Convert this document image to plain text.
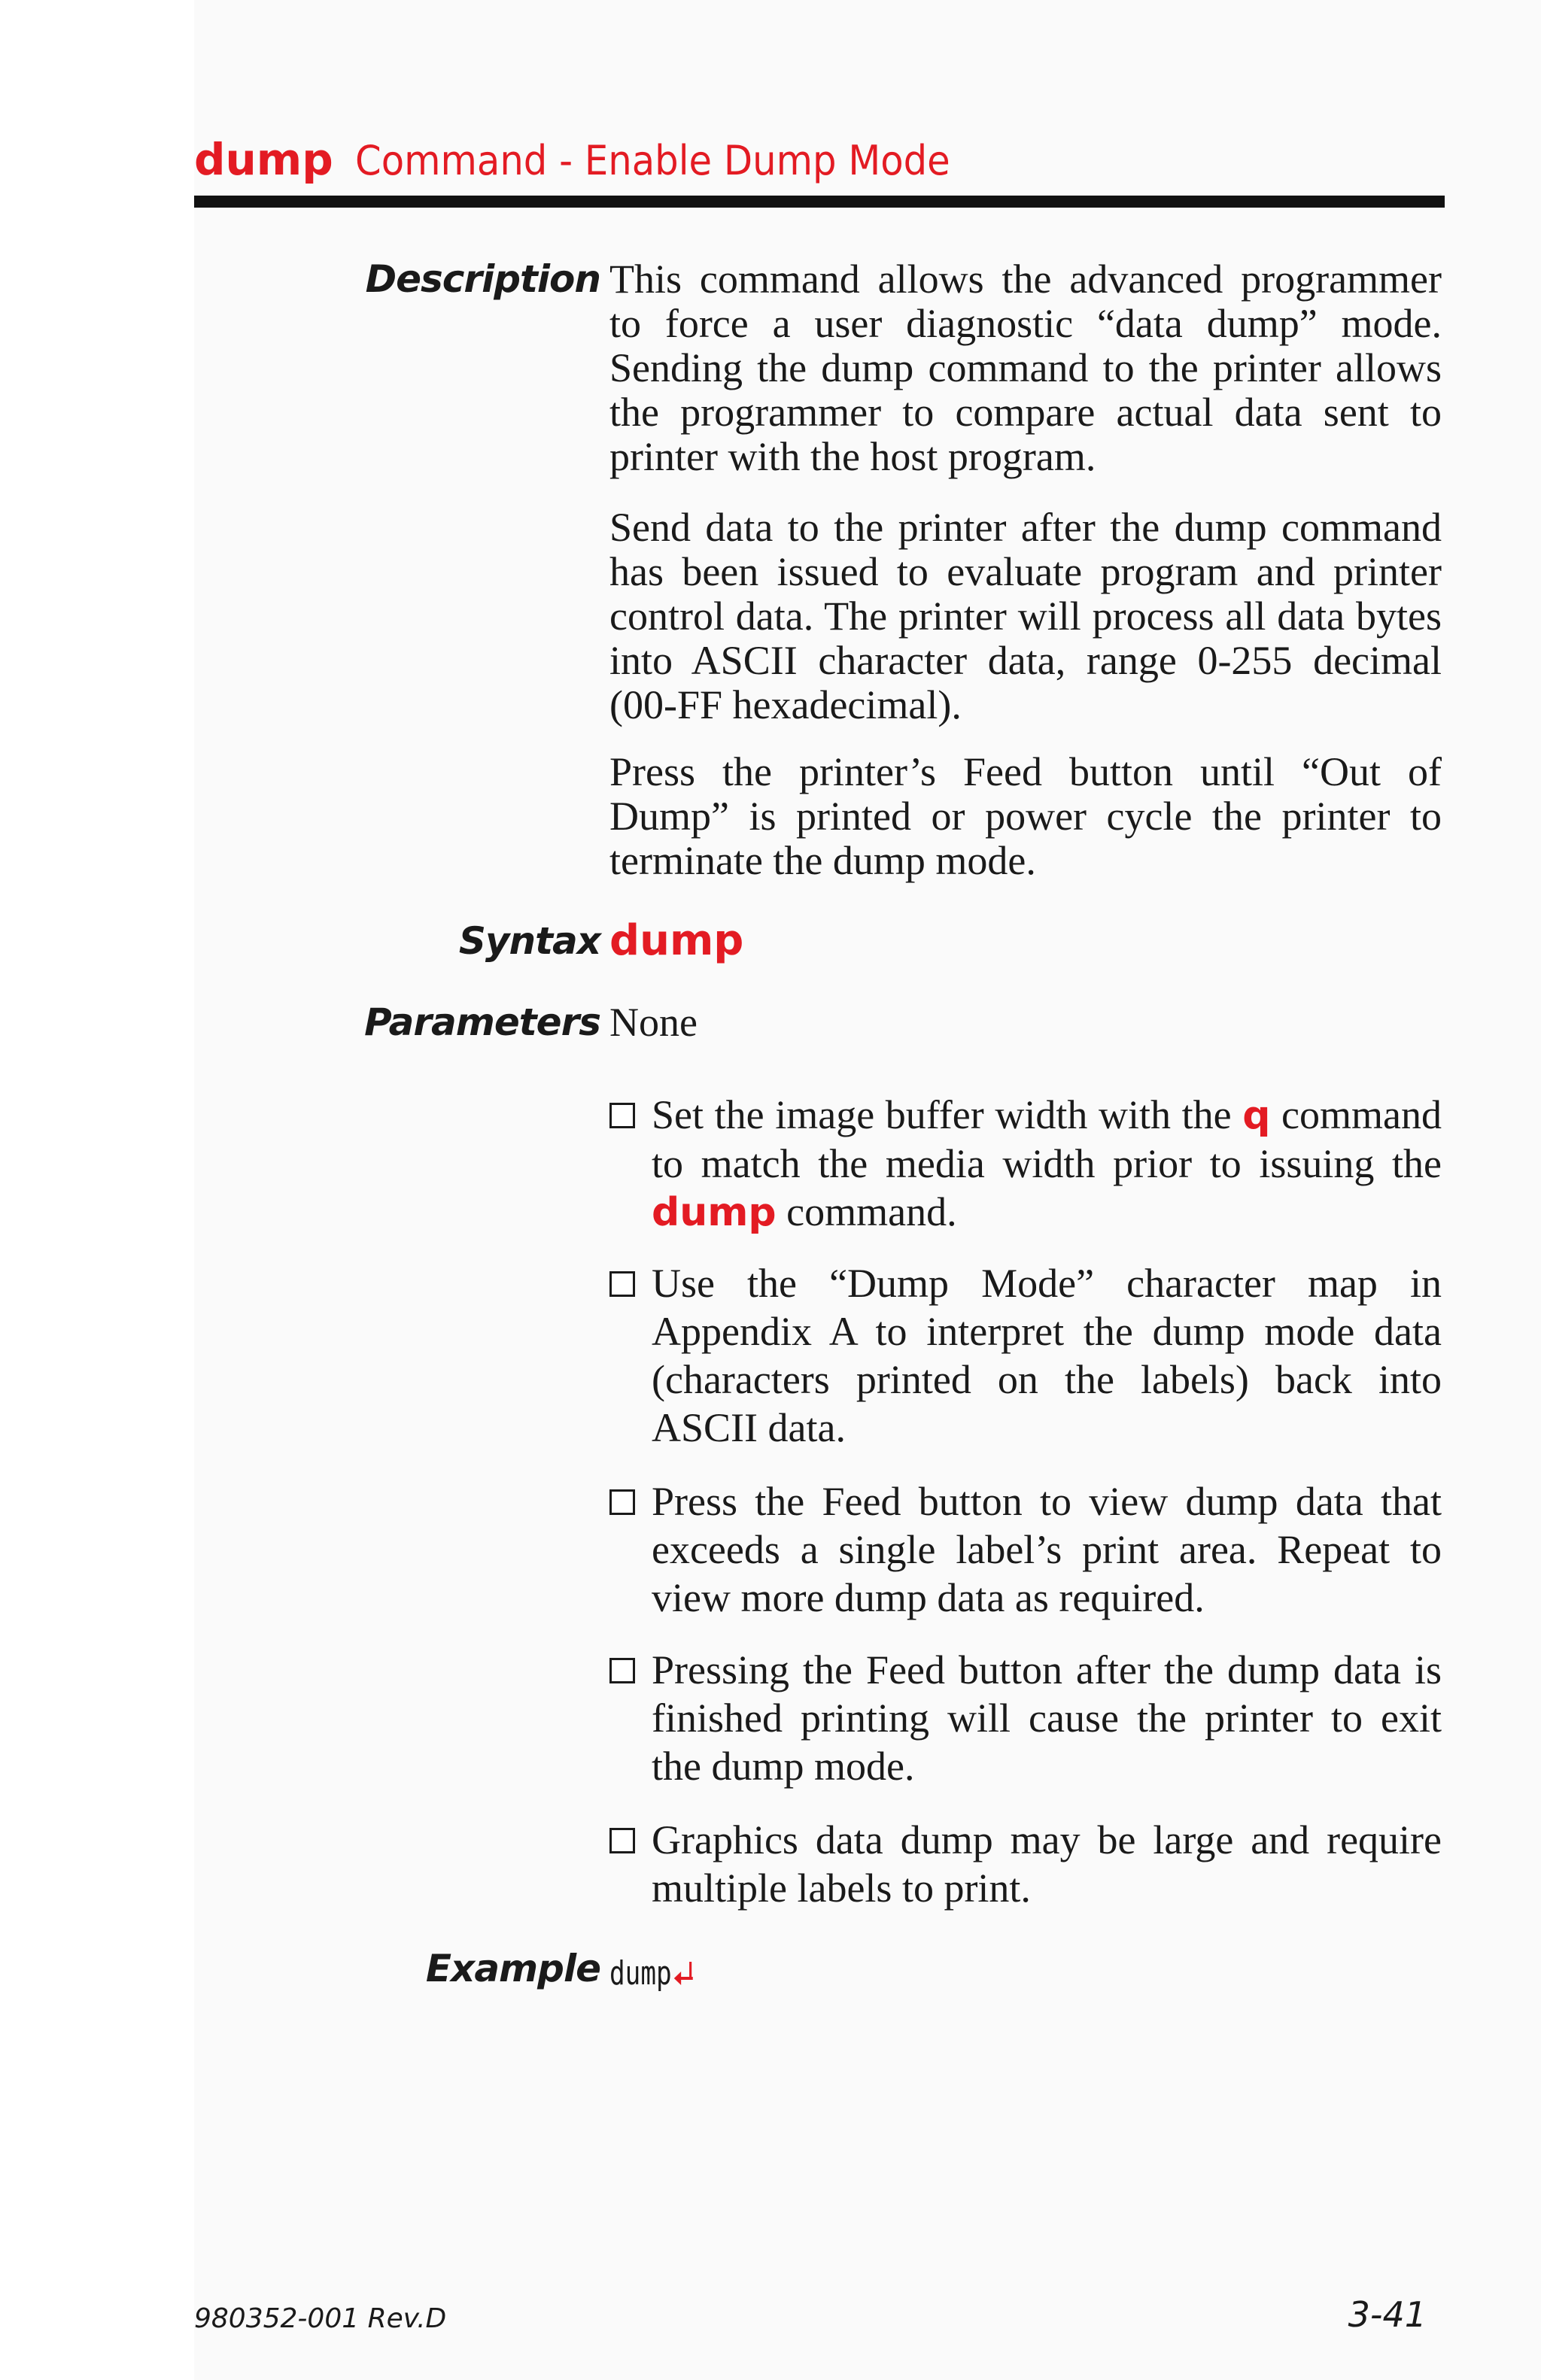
dump Command - Enable Dump Mode
Description This command allows the advanced programmer to force a user diagnostic “data dump” mode. Sending the dump command to the printer allows the programmer to compare actual data sent to printer with the host program.

Send data to the printer after the dump command has been issued to evaluate program and printer control data. The printer will process all data bytes into ASCII character data, range 0-255 decimal (00-FF hexadecimal).

Press the printer’s Feed button until “Out of Dump” is printed or power cycle the printer to terminate the dump mode.

Syntax dump
Parameters None
Set the image buffer width with the q command to match the media width prior to issuing the dump command.
Use the “Dump Mode” character map in Appendix A to interpret the dump mode data (characters printed on the labels) back into ASCII data.
Press the Feed button to view dump data that exceeds a single label’s print area. Repeat to view more dump data as required.
Pressing the Feed button after the dump data is finished printing will cause the printer to exit the dump mode.
Graphics data dump may be large and require multiple labels to print.
Example dump
980352-001 Rev.D	3-41
